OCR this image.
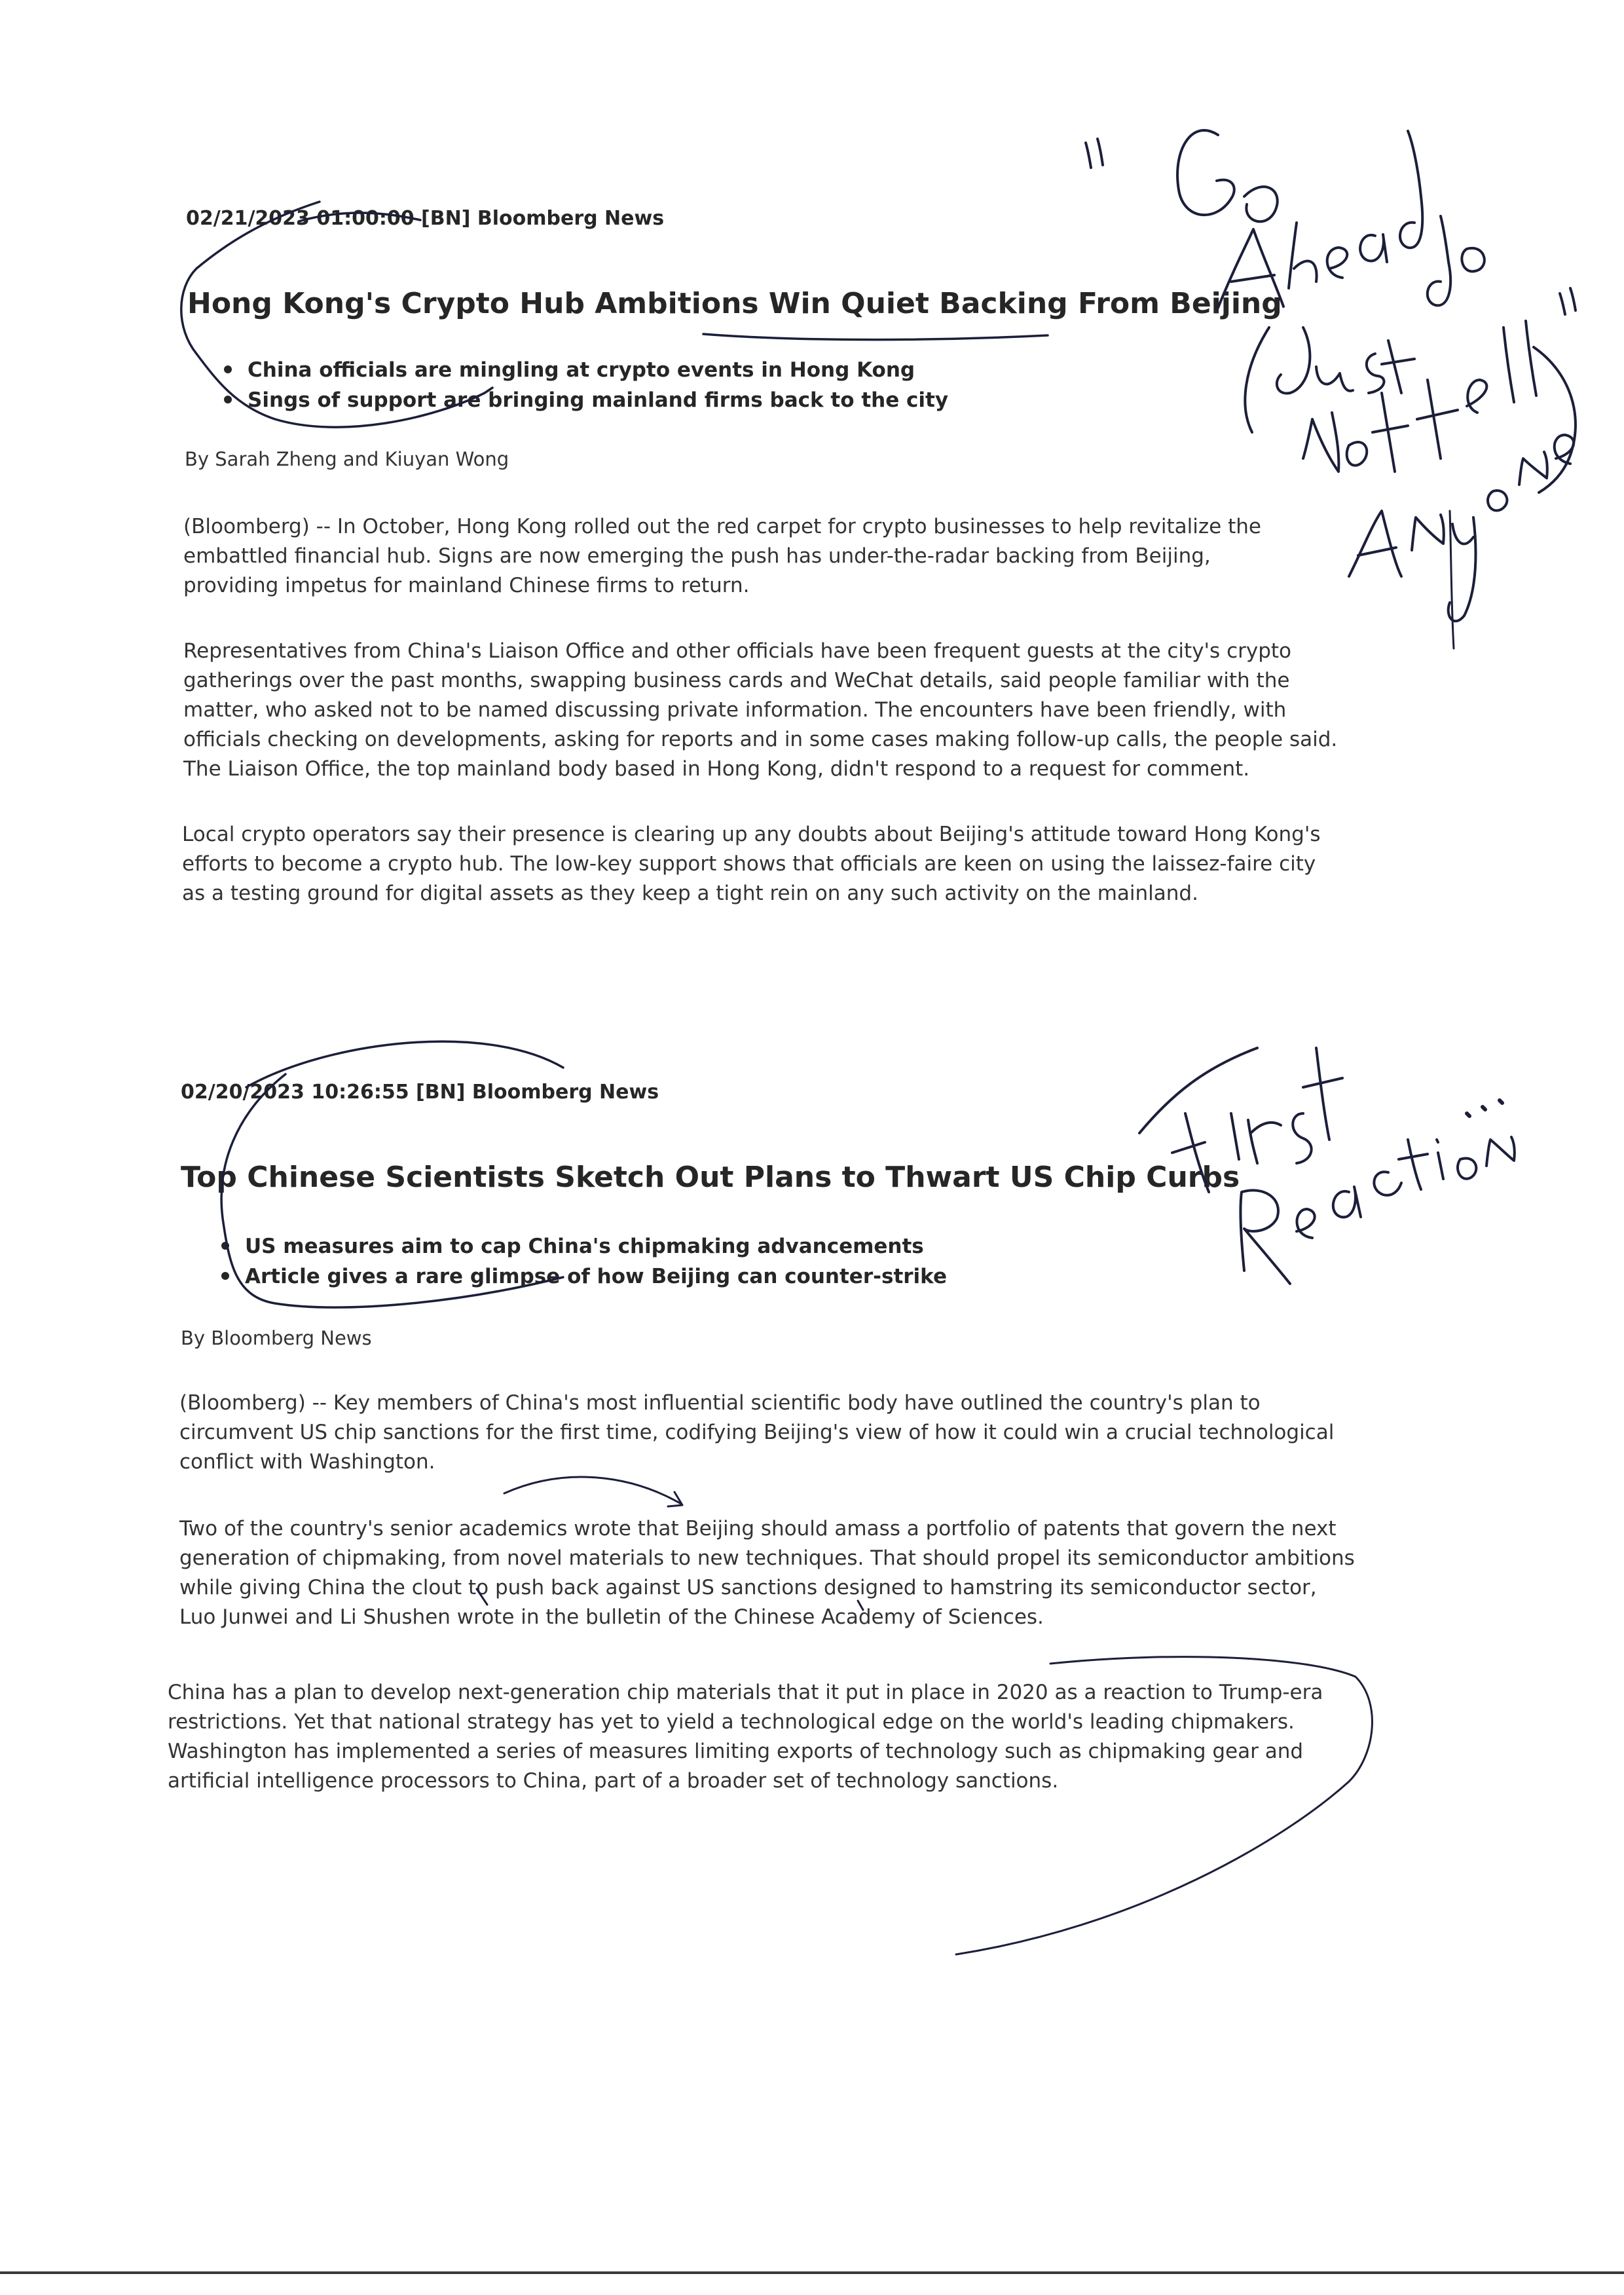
02/21/2023 01:00:00 [BN] Bloomberg News
Hong Kong's Crypto Hub Ambitions Win Quiet Backing From Beijing
China officials are mingling at crypto events in Hong Kong
Sings of support are bringing mainland firms back to the city
By Sarah Zheng and Kiuyan Wong

(Bloomberg) -- In October, Hong Kong rolled out the red carpet for crypto businesses to help revitalize the embattled financial hub. Signs are now emerging the push has under-the-radar backing from Beijing, providing impetus for mainland Chinese firms to return.

Representatives from China's Liaison Office and other officials have been frequent guests at the city's crypto gatherings over the past months, swapping business cards and WeChat details, said people familiar with the matter, who asked not to be named discussing private information. The encounters have been friendly, with officials checking on developments, asking for reports and in some cases making follow-up calls, the people said. The Liaison Office, the top mainland body based in Hong Kong, didn't respond to a request for comment.

Local crypto operators say their presence is clearing up any doubts about Beijing's attitude toward Hong Kong's efforts to become a crypto hub. The low-key support shows that officials are keen on using the laissez-faire city as a testing ground for digital assets as they keep a tight rein on any such activity on the mainland.

02/20/2023 10:26:55 [BN] Bloomberg News
Top Chinese Scientists Sketch Out Plans to Thwart US Chip Curbs
US measures aim to cap China's chipmaking advancements
Article gives a rare glimpse of how Beijing can counter-strike
By Bloomberg News

(Bloomberg) -- Key members of China's most influential scientific body have outlined the country's plan to circumvent US chip sanctions for the first time, codifying Beijing's view of how it could win a crucial technological conflict with Washington.

Two of the country's senior academics wrote that Beijing should amass a portfolio of patents that govern the next generation of chipmaking, from novel materials to new techniques. That should propel its semiconductor ambitions while giving China the clout to push back against US sanctions designed to hamstring its semiconductor sector, Luo Junwei and Li Shushen wrote in the bulletin of the Chinese Academy of Sciences.

China has a plan to develop next-generation chip materials that it put in place in 2020 as a reaction to Trump-era restrictions. Yet that national strategy has yet to yield a technological edge on the world's leading chipmakers. Washington has implemented a series of measures limiting exports of technology such as chipmaking gear and artificial intelligence processors to China, part of a broader set of technology sanctions.
